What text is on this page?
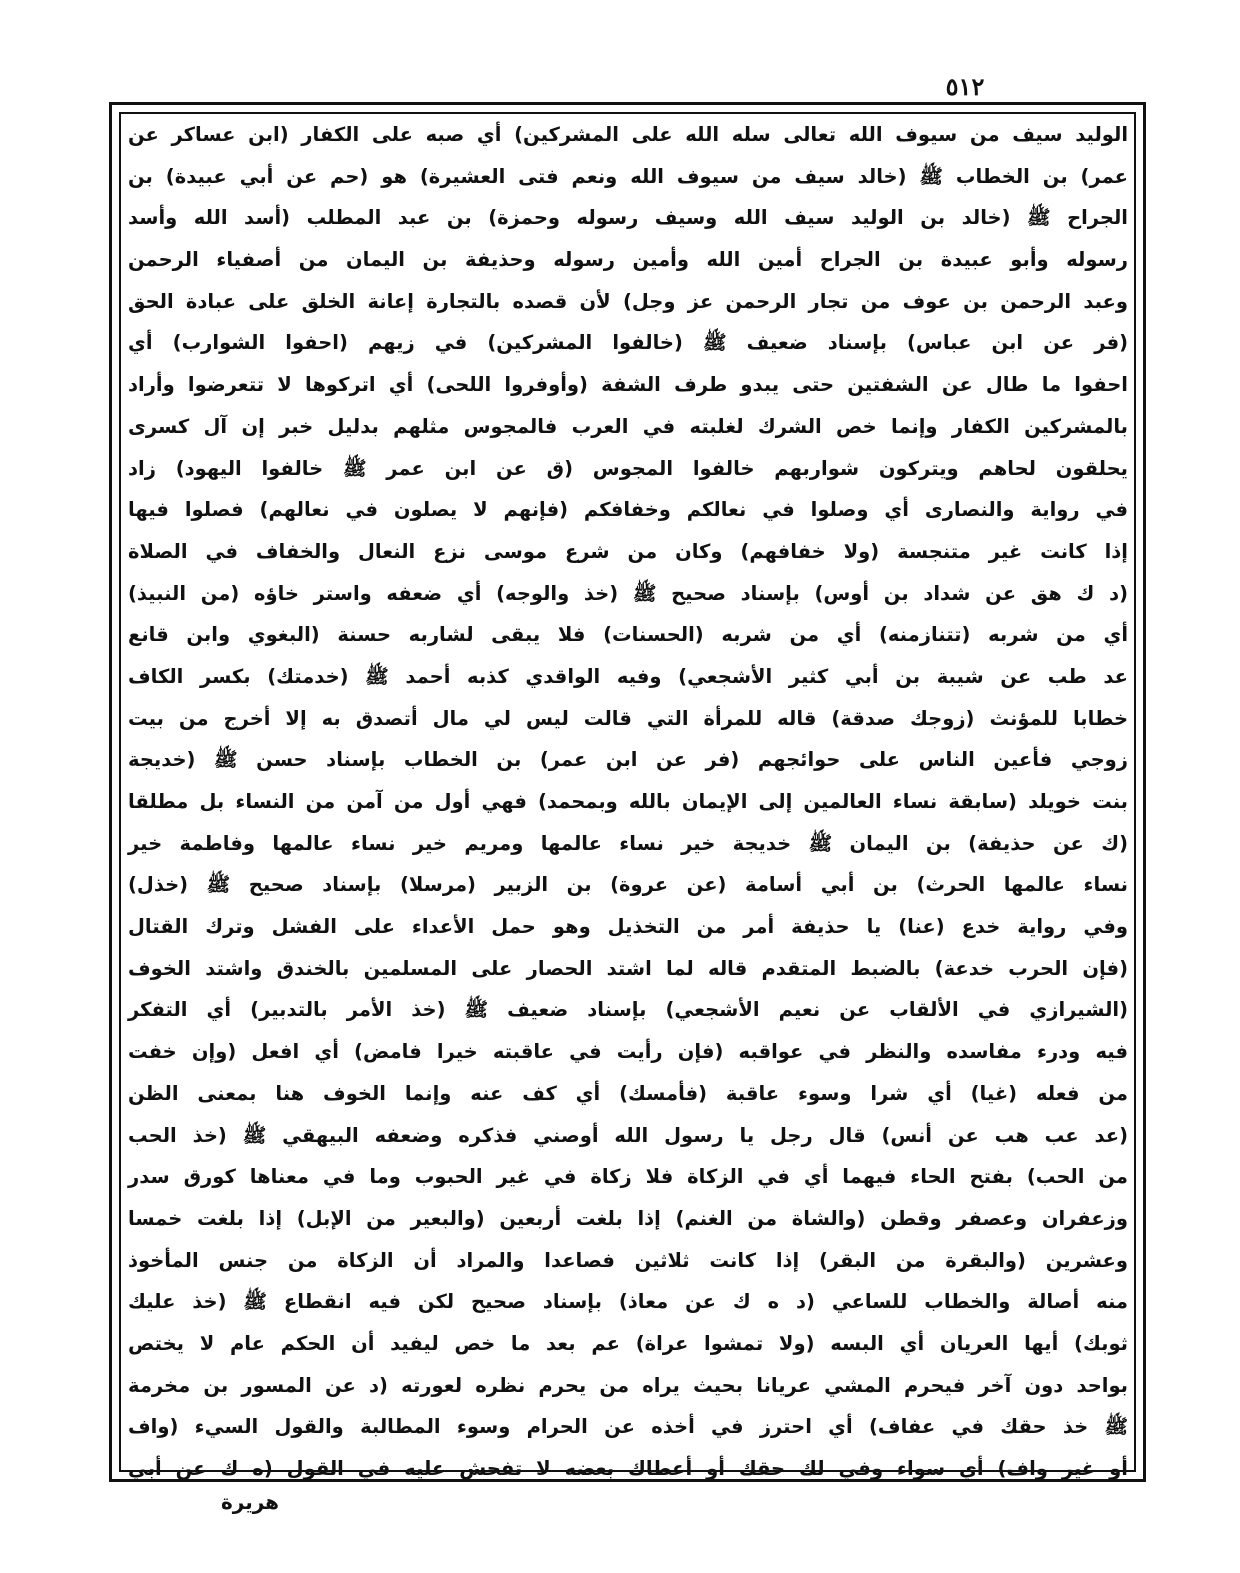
٥١٢
الوليد سيف من سيوف الله تعالى سله الله على المشركين) أي صبه على الكفار (ابن عساكر عن
عمر) بن الخطاب ﷺ (خالد سيف من سيوف الله ونعم فتى العشيرة) هو (حم عن أبي عبيدة) بن
الجراح ﷺ (خالد بن الوليد سيف الله وسيف رسوله وحمزة) بن عبد المطلب (أسد الله وأسد
رسوله وأبو عبيدة بن الجراح أمين الله وأمين رسوله وحذيفة بن اليمان من أصفياء الرحمن
وعبد الرحمن بن عوف من تجار الرحمن عز وجل) لأن قصده بالتجارة إعانة الخلق على عبادة الحق
(فر عن ابن عباس) بإسناد ضعيف ﷺ (خالفوا المشركين) في زيهم (احفوا الشوارب) أي
احفوا ما طال عن الشفتين حتى يبدو طرف الشفة (وأوفروا اللحى) أي اتركوها لا تتعرضوا وأراد
بالمشركين الكفار وإنما خص الشرك لغلبته في العرب فالمجوس مثلهم بدليل خبر إن آل كسرى
يحلقون لحاهم ويتركون شواربهم خالفوا المجوس (ق عن ابن عمر ﷺ خالفوا اليهود) زاد
في رواية والنصارى أي وصلوا في نعالكم وخفافكم (فإنهم لا يصلون في نعالهم) فصلوا فيها
إذا كانت غير متنجسة (ولا خفافهم) وكان من شرع موسى نزع النعال والخفاف في الصلاة
(د ك هق عن شداد بن أوس) بإسناد صحيح ﷺ (خذ والوجه) أي ضعفه واستر خاؤه (من النبيذ)
أي من شربه (تتنازمنه) أي من شربه (الحسنات) فلا يبقى لشاربه حسنة (البغوي وابن قانع
عد طب عن شيبة بن أبي كثير الأشجعي) وفيه الواقدي كذبه أحمد ﷺ (خدمتك) بكسر الكاف
خطابا للمؤنث (زوجك صدقة) قاله للمرأة التي قالت ليس لي مال أتصدق به إلا أخرج من بيت
زوجي فأعين الناس على حوائجهم (فر عن ابن عمر) بن الخطاب بإسناد حسن ﷺ (خديجة
بنت خويلد (سابقة نساء العالمين إلى الإيمان بالله وبمحمد) فهي أول من آمن من النساء بل مطلقا
(ك عن حذيفة) بن اليمان ﷺ خديجة خير نساء عالمها ومريم خير نساء عالمها وفاطمة خير
نساء عالمها الحرث) بن أبي أسامة (عن عروة) بن الزبير (مرسلا) بإسناد صحيح ﷺ (خذل)
وفي رواية خدع (عنا) يا حذيفة أمر من التخذيل وهو حمل الأعداء على الفشل وترك القتال
(فإن الحرب خدعة) بالضبط المتقدم قاله لما اشتد الحصار على المسلمين بالخندق واشتد الخوف
(الشيرازي في الألقاب عن نعيم الأشجعي) بإسناد ضعيف ﷺ (خذ الأمر بالتدبير) أي التفكر
فيه ودرء مفاسده والنظر في عواقبه (فإن رأيت في عاقبته خيرا فامض) أي افعل (وإن خفت
من فعله (غيا) أي شرا وسوء عاقبة (فأمسك) أي كف عنه وإنما الخوف هنا بمعنى الظن
(عد عب هب عن أنس) قال رجل يا رسول الله أوصني فذكره وضعفه البيهقي ﷺ (خذ الحب
من الحب) بفتح الحاء فيهما أي في الزكاة فلا زكاة في غير الحبوب وما في معناها كورق سدر
وزعفران وعصفر وقطن (والشاة من الغنم) إذا بلغت أربعين (والبعير من الإبل) إذا بلغت خمسا
وعشرين (والبقرة من البقر) إذا كانت ثلاثين فصاعدا والمراد أن الزكاة من جنس المأخوذ
منه أصالة والخطاب للساعي (د ه ك عن معاذ) بإسناد صحيح لكن فيه انقطاع ﷺ (خذ عليك
ثوبك) أيها العريان أي البسه (ولا تمشوا عراة) عم بعد ما خص ليفيد أن الحكم عام لا يختص
بواحد دون آخر فيحرم المشي عريانا بحيث يراه من يحرم نظره لعورته (د عن المسور بن مخرمة
ﷺ خذ حقك في عفاف) أي احترز في أخذه عن الحرام وسوء المطالبة والقول السيء (واف
أو غير واف) أي سواء وفي لك حقك أو أعطاك بعضه لا تفحش عليه في القول (ه ك عن أبي
هريرة
